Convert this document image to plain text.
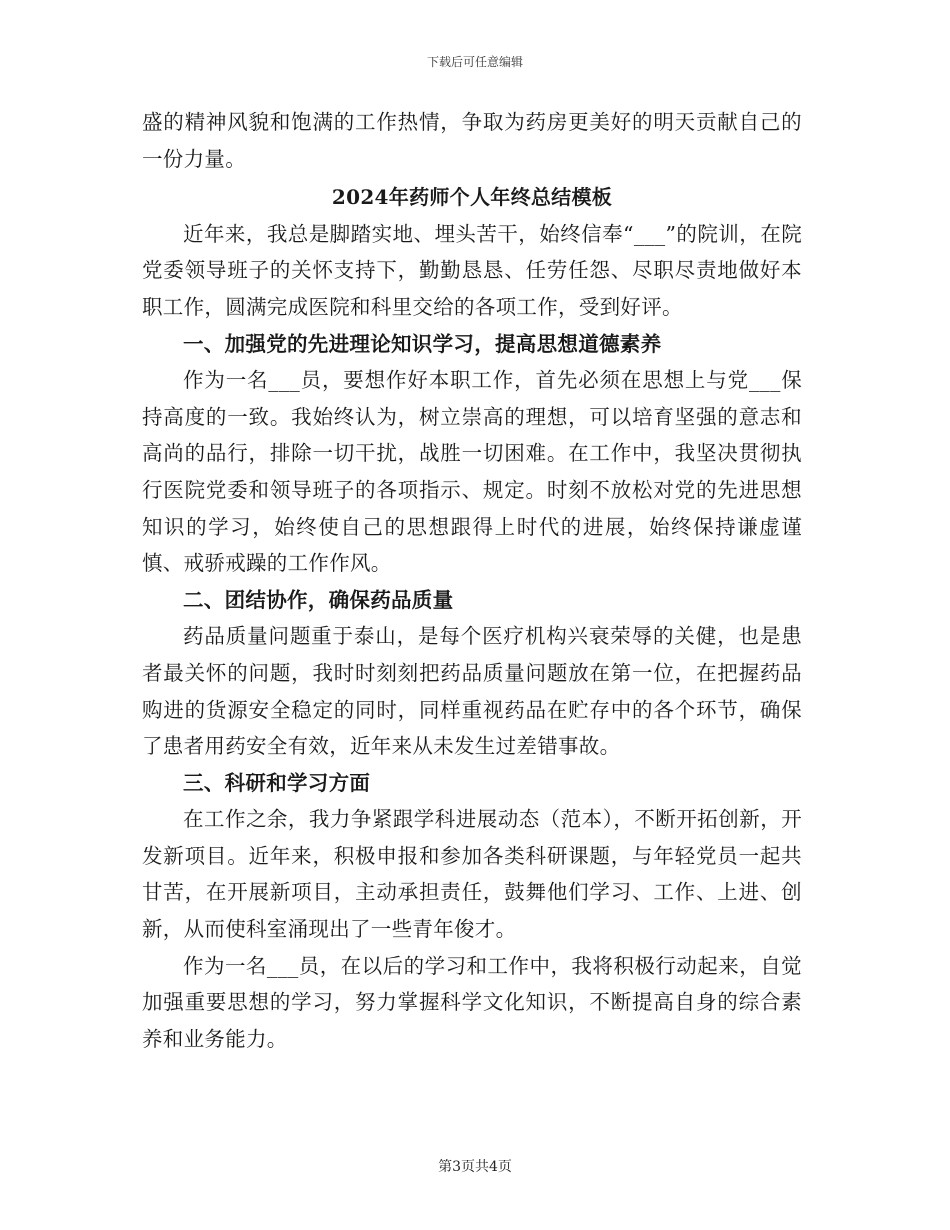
下载后可任意编辑

盛的精神风貌和饱满的工作热情，争取为药房更美好的明天贡献自己的一份力量。

2024年药师个人年终总结模板

近年来，我总是脚踏实地、埋头苦干，始终信奉“___”的院训，在院党委领导班子的关怀支持下，勤勤恳恳、任劳任怨、尽职尽责地做好本职工作，圆满完成医院和科里交给的各项工作，受到好评。

一、加强党的先进理论知识学习，提高思想道德素养

作为一名___员，要想作好本职工作，首先必须在思想上与党___保持高度的一致。我始终认为，树立崇高的理想，可以培育坚强的意志和高尚的品行，排除一切干扰，战胜一切困难。在工作中，我坚决贯彻执行医院党委和领导班子的各项指示、规定。时刻不放松对党的先进思想知识的学习，始终使自己的思想跟得上时代的进展，始终保持谦虚谨慎、戒骄戒躁的工作作风。

二、团结协作，确保药品质量

药品质量问题重于泰山，是每个医疗机构兴衰荣辱的关健，也是患者最关怀的问题，我时时刻刻把药品质量问题放在第一位，在把握药品购进的货源安全稳定的同时，同样重视药品在贮存中的各个环节，确保了患者用药安全有效，近年来从未发生过差错事故。

三、科研和学习方面

在工作之余，我力争紧跟学科进展动态（范本），不断开拓创新，开发新项目。近年来，积极申报和参加各类科研课题，与年轻党员一起共甘苦，在开展新项目，主动承担责任，鼓舞他们学习、工作、上进、创新，从而使科室涌现出了一些青年俊才。

作为一名___员，在以后的学习和工作中，我将积极行动起来，自觉加强重要思想的学习，努力掌握科学文化知识，不断提高自身的综合素养和业务能力。

第3页共4页
